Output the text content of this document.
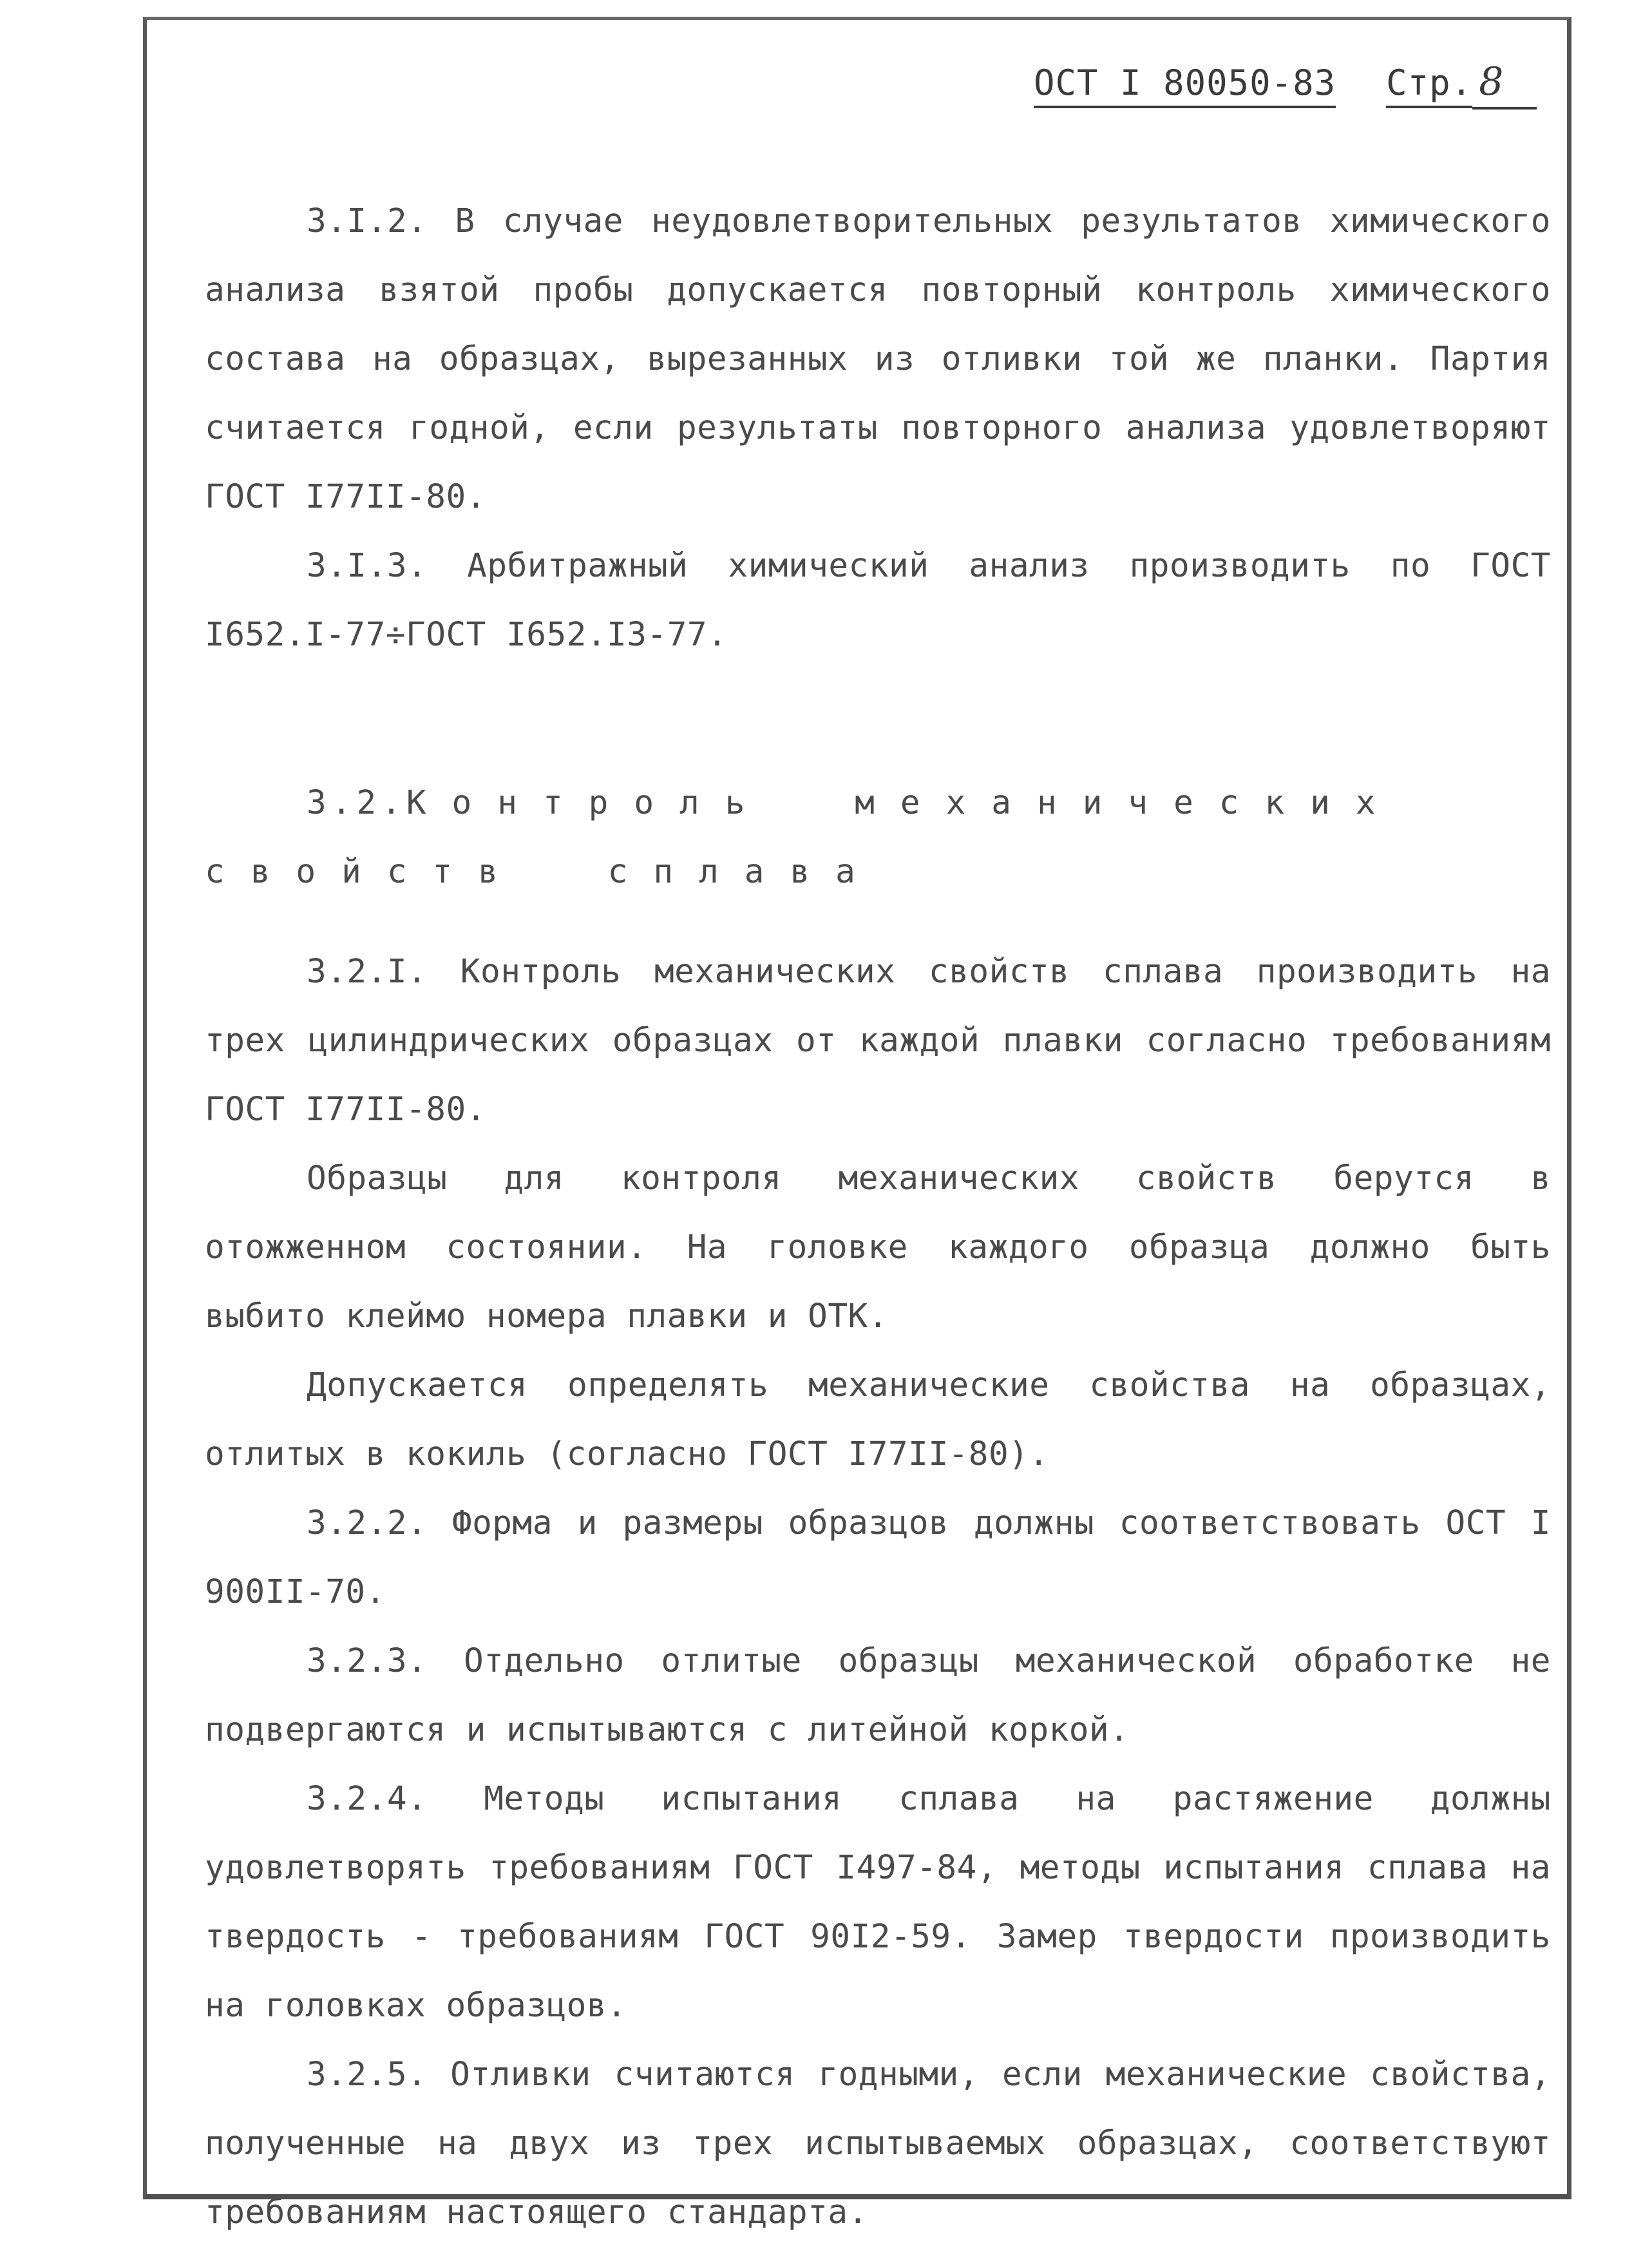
ОСТ I 80050-83 Стр. 8

3.I.2. В случае неудовлетворительных результатов химического анализа взятой пробы допускается повторный контроль химического состава на образцах, вырезанных из отливки той же планки. Партия считается годной, если результаты повторного анализа удовлетворяют ГОСТ I77II-80.

3.I.3. Арбитражный химический анализ производить по ГОСТ I652.I-77÷ГОСТ I652.I3-77.

3.2.Контроль механических свойств сплава

3.2.I. Контроль механических свойств сплава производить на трех цилиндрических образцах от каждой плавки согласно требованиям ГОСТ I77II-80.

Образцы для контроля механических свойств берутся в отожженном состоянии. На головке каждого образца должно быть выбито клеймо номера плавки и ОТК.

Допускается определять механические свойства на образцах, отлитых в кокиль (согласно ГОСТ I77II-80).

3.2.2. Форма и размеры образцов должны соответствовать ОСТ I 900II-70.

3.2.3. Отдельно отлитые образцы механической обработке не подвергаются и испытываются с литейной коркой.

3.2.4. Методы испытания сплава на растяжение должны удовлетворять требованиям ГОСТ I497-84, методы испытания сплава на твердость - требованиям ГОСТ 90I2-59. Замер твердости производить на головках образцов.

3.2.5. Отливки считаются годными, если механические свойства, полученные на двух из трех испытываемых образцах, соответствуют требованиям настоящего стандарта.
